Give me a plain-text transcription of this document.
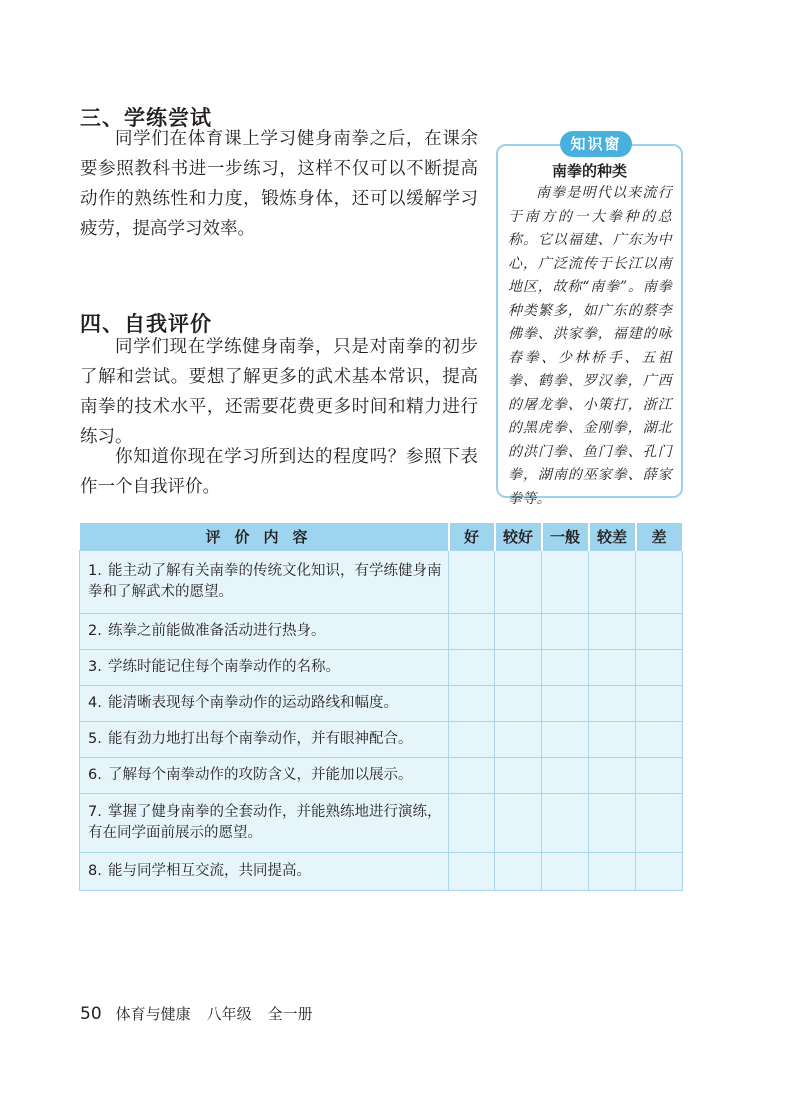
三、学练尝试

同学们在体育课上学习健身南拳之后，在课余要参照教科书进一步练习，这样不仅可以不断提高动作的熟练性和力度，锻炼身体，还可以缓解学习疲劳，提高学习效率。

四、自我评价

同学们现在学练健身南拳，只是对南拳的初步了解和尝试。要想了解更多的武术基本常识，提高南拳的技术水平，还需要花费更多时间和精力进行练习。

你知道你现在学习所到达的程度吗？参照下表作一个自我评价。

知识窗

南拳的种类

南拳是明代以来流行于南方的一大拳种的总称。它以福建、广东为中心，广泛流传于长江以南地区，故称“南拳”。南拳种类繁多，如广东的蔡李佛拳、洪家拳，福建的咏春拳、少林桥手、五祖拳、鹤拳、罗汉拳，广西的屠龙拳、小策打，浙江的黑虎拳、金刚拳，湖北的洪门拳、鱼门拳、孔门拳，湖南的巫家拳、薛家拳等。

评价内容	好	较好	一般	较差	差
1. 能主动了解有关南拳的传统文化知识，有学练健身南拳和了解武术的愿望。					
2. 练拳之前能做准备活动进行热身。					
3. 学练时能记住每个南拳动作的名称。					
4. 能清晰表现每个南拳动作的运动路线和幅度。					
5. 能有劲力地打出每个南拳动作，并有眼神配合。					
6. 了解每个南拳动作的攻防含义，并能加以展示。					
7. 掌握了健身南拳的全套动作，并能熟练地进行演练，有在同学面前展示的愿望。					
8. 能与同学相互交流，共同提高。					

50 体育与健康 八年级 全一册
